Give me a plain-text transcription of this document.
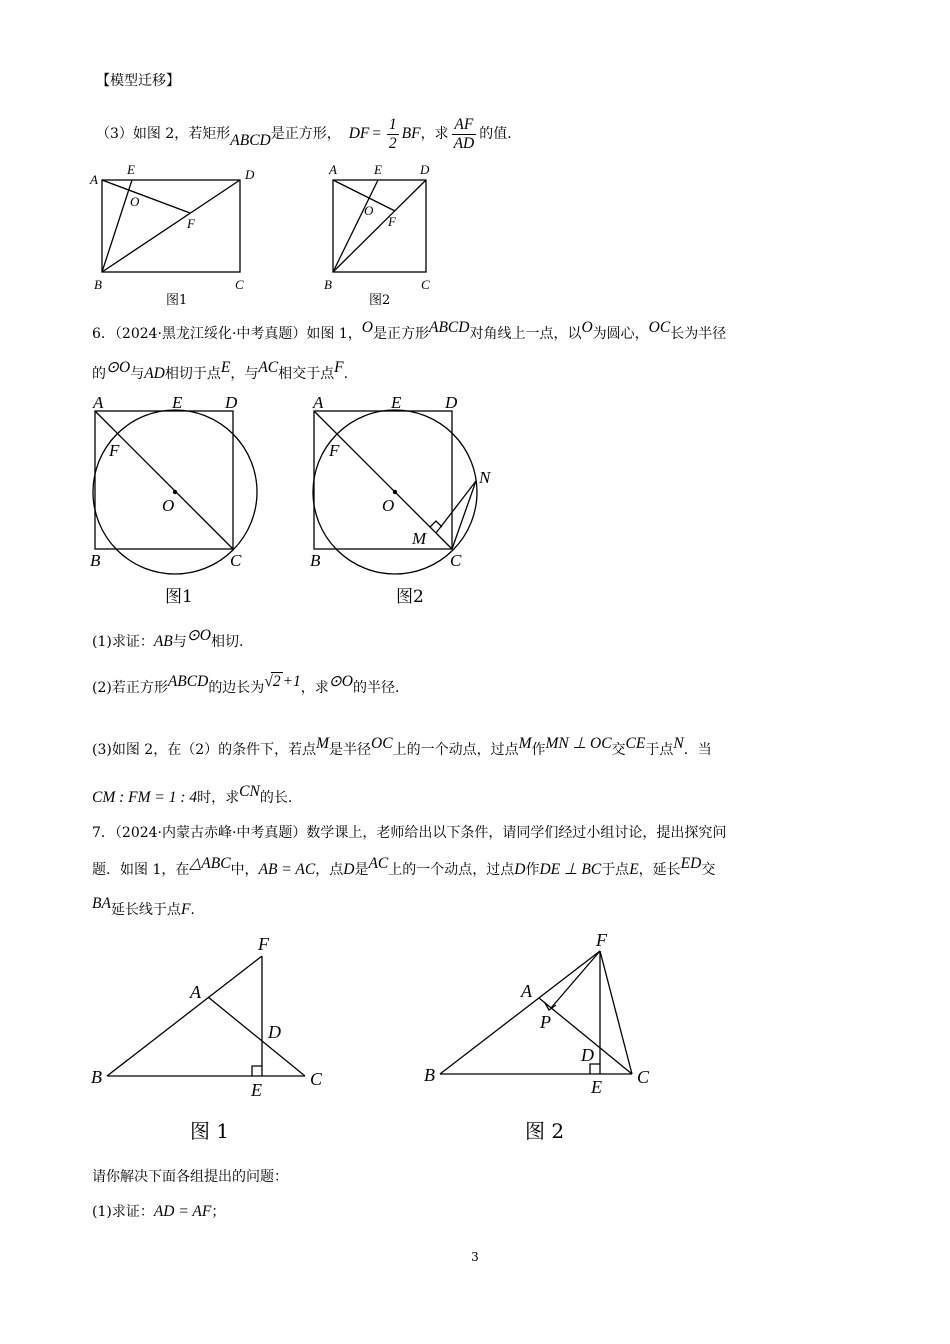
【模型迁移】
（3）如图 2，若矩形 ABCD 是正方形， DF = $\frac{1}{2}$ BF ，求 $\frac{AF}{AD}$ 的值.
6．（2024·黑龙江绥化·中考真题）如图 1，O是正方形ABCD对角线上一点，以O为圆心，OC长为半径
的⊙O与AD相切于点E，与AC相交于点F.
(1)求证：AB与⊙O相切.
(2)若正方形ABCD的边长为√2 +1，求⊙O的半径.
(3)如图 2，在（2）的条件下，若点M是半径OC上的一个动点，过点M作MN ⊥ OC交CE于点N．当
CM : FM = 1 : 4时，求CN的长.
7．（2024·内蒙古赤峰·中考真题）数学课上，老师给出以下条件，请同学们经过小组讨论，提出探究问
题．如图 1，在△ABC中，AB = AC，点D是AC上的一个动点，过点D作DE ⊥ BC于点E，延长ED交
BA延长线于点F.
请你解决下面各组提出的问题：
(1)求证：AD = AF；
3
A
E	D
O
F
B	C
图1
A	E	D
O
F
B	C
图2
A	E	D
F
O
B	C
图1
A	E	D
F
O
N
M
B	C
图2
F
A
D
B
E
C
图 1
F
A
P
D
B
E C
图 2
